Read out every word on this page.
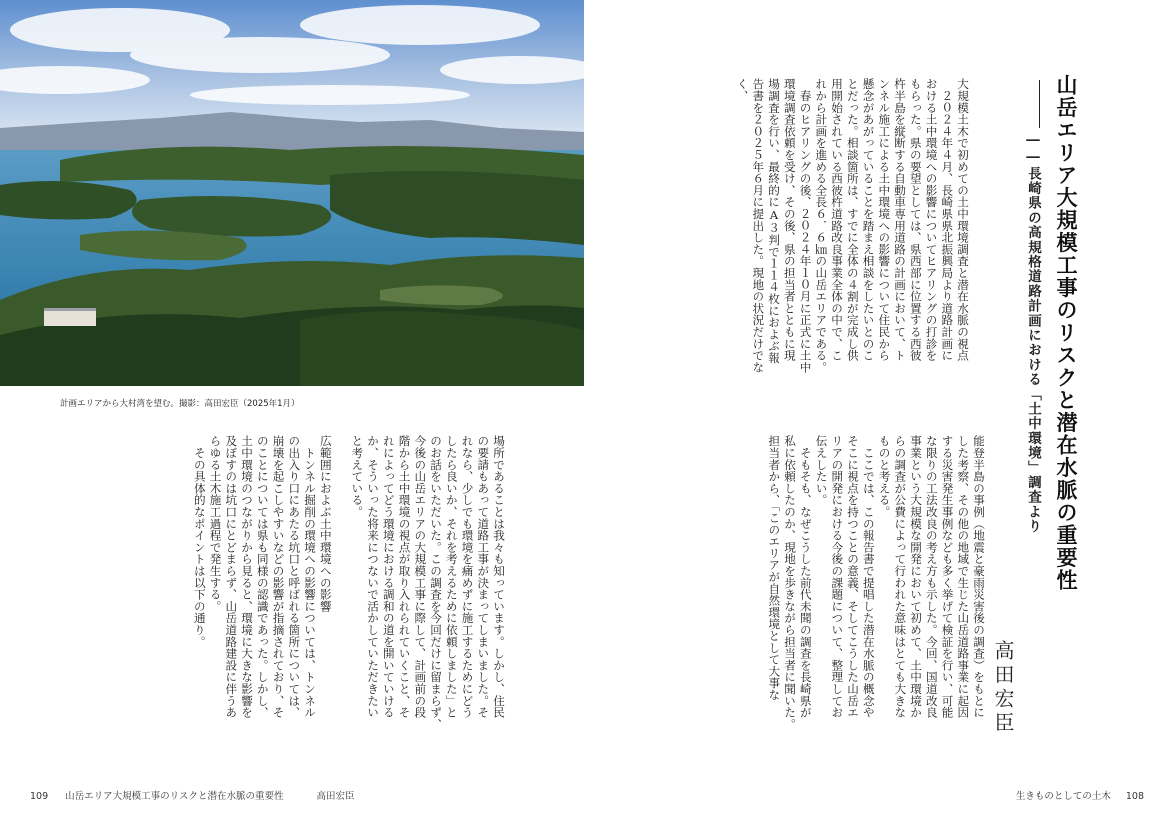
計画エリアから大村湾を望む。撮影：高田宏臣（2025年1月）	山岳エリア大規模工事のリスクと潜在水脈の重要性
――長崎県の高規格道路計画における「土中環境」調査より
高田宏臣
大規模土木で初めての土中環境調査と潜在水脈の視点
　２０２４年４月、長崎県県北振興局より道路計画に
おける土中環境への影響についてヒアリングの打診を
もらった。県の要望としては、県西部に位置する西彼
杵半島を縦断する自動車専用道路の計画において、ト
ンネル施工による土中環境への影響について住民から
懸念があがっていることを踏まえ相談をしたいとのこ
とだった。相談箇所は、すでに全体の４割が完成し供
用開始されている西彼杵道路改良事業全体の中で、こ
れから計画を進める全長６．６㎞の山岳エリアである。
　春のヒアリングの後、２０２４年１０月に正式に土中
環境調査依頼を受け、その後、県の担当者とともに現
場調査を行い、最終的にA３判で１１４枚におよぶ報
告書を２０２５年６月に提出した。現地の状況だけでなく、
能登半島の事例（地震と豪雨災害後の調査）をもとに
した考察、その他の地域で生じた山岳道路事業に起因
する災害発生事例なども多く挙げて検証を行い、可能
な限りの工法改良の考え方も示した。今回、国道改良
事業という大規模な開発において初めて、土中環境か
らの調査が公費によって行われた意味はとても大きな
ものと考える。
　ここでは、この報告書で提唱した潜在水脈の概念や
そこに視点を持つことの意義、そしてこうした山岳エ
リアの開発における今後の課題について、整理してお
伝えしたい。
　そもそも、なぜこうした前代未聞の調査を長崎県が
私に依頼したのか、現地を歩きながら担当者に聞いた。
担当者から、「このエリアが自然環境として大事な
場所であることは我々も知っています。しかし、住民
の要請もあって道路工事が決まってしまいました。そ
れなら、少しでも環境を痛めずに施工するためにどう
したら良いか、それを考えるために依頼しました」と
のお話をいただいた。この調査を今回だけに留まらず、
今後の山岳エリアの大規模工事に際して、計画前の段
階から土中環境の視点が取り入れられていくこと、そ
れによってどう環境における調和の道を開いていける
か、そういった将来につないで活かしていただきたい
と考えている。

広範囲におよぶ土中環境への影響
　トンネル掘削の環境への影響については、トンネル
の出入り口にあたる坑口と呼ばれる箇所については、
崩壊を起こしやすいなどの影響が指摘されており、そ
のことについては県も同様の認識であった。しかし、
土中環境のつながりから見ると、環境に大きな影響を
及ぼすのは坑口にとどまらず、山岳道路建設に伴うあ
らゆる土木施工過程で発生する。
　その具体的なポイントは以下の通り。
109 山岳エリア大規模工事のリスクと潜在水脈の重要性	高田宏臣	生きものとしての土木 108
